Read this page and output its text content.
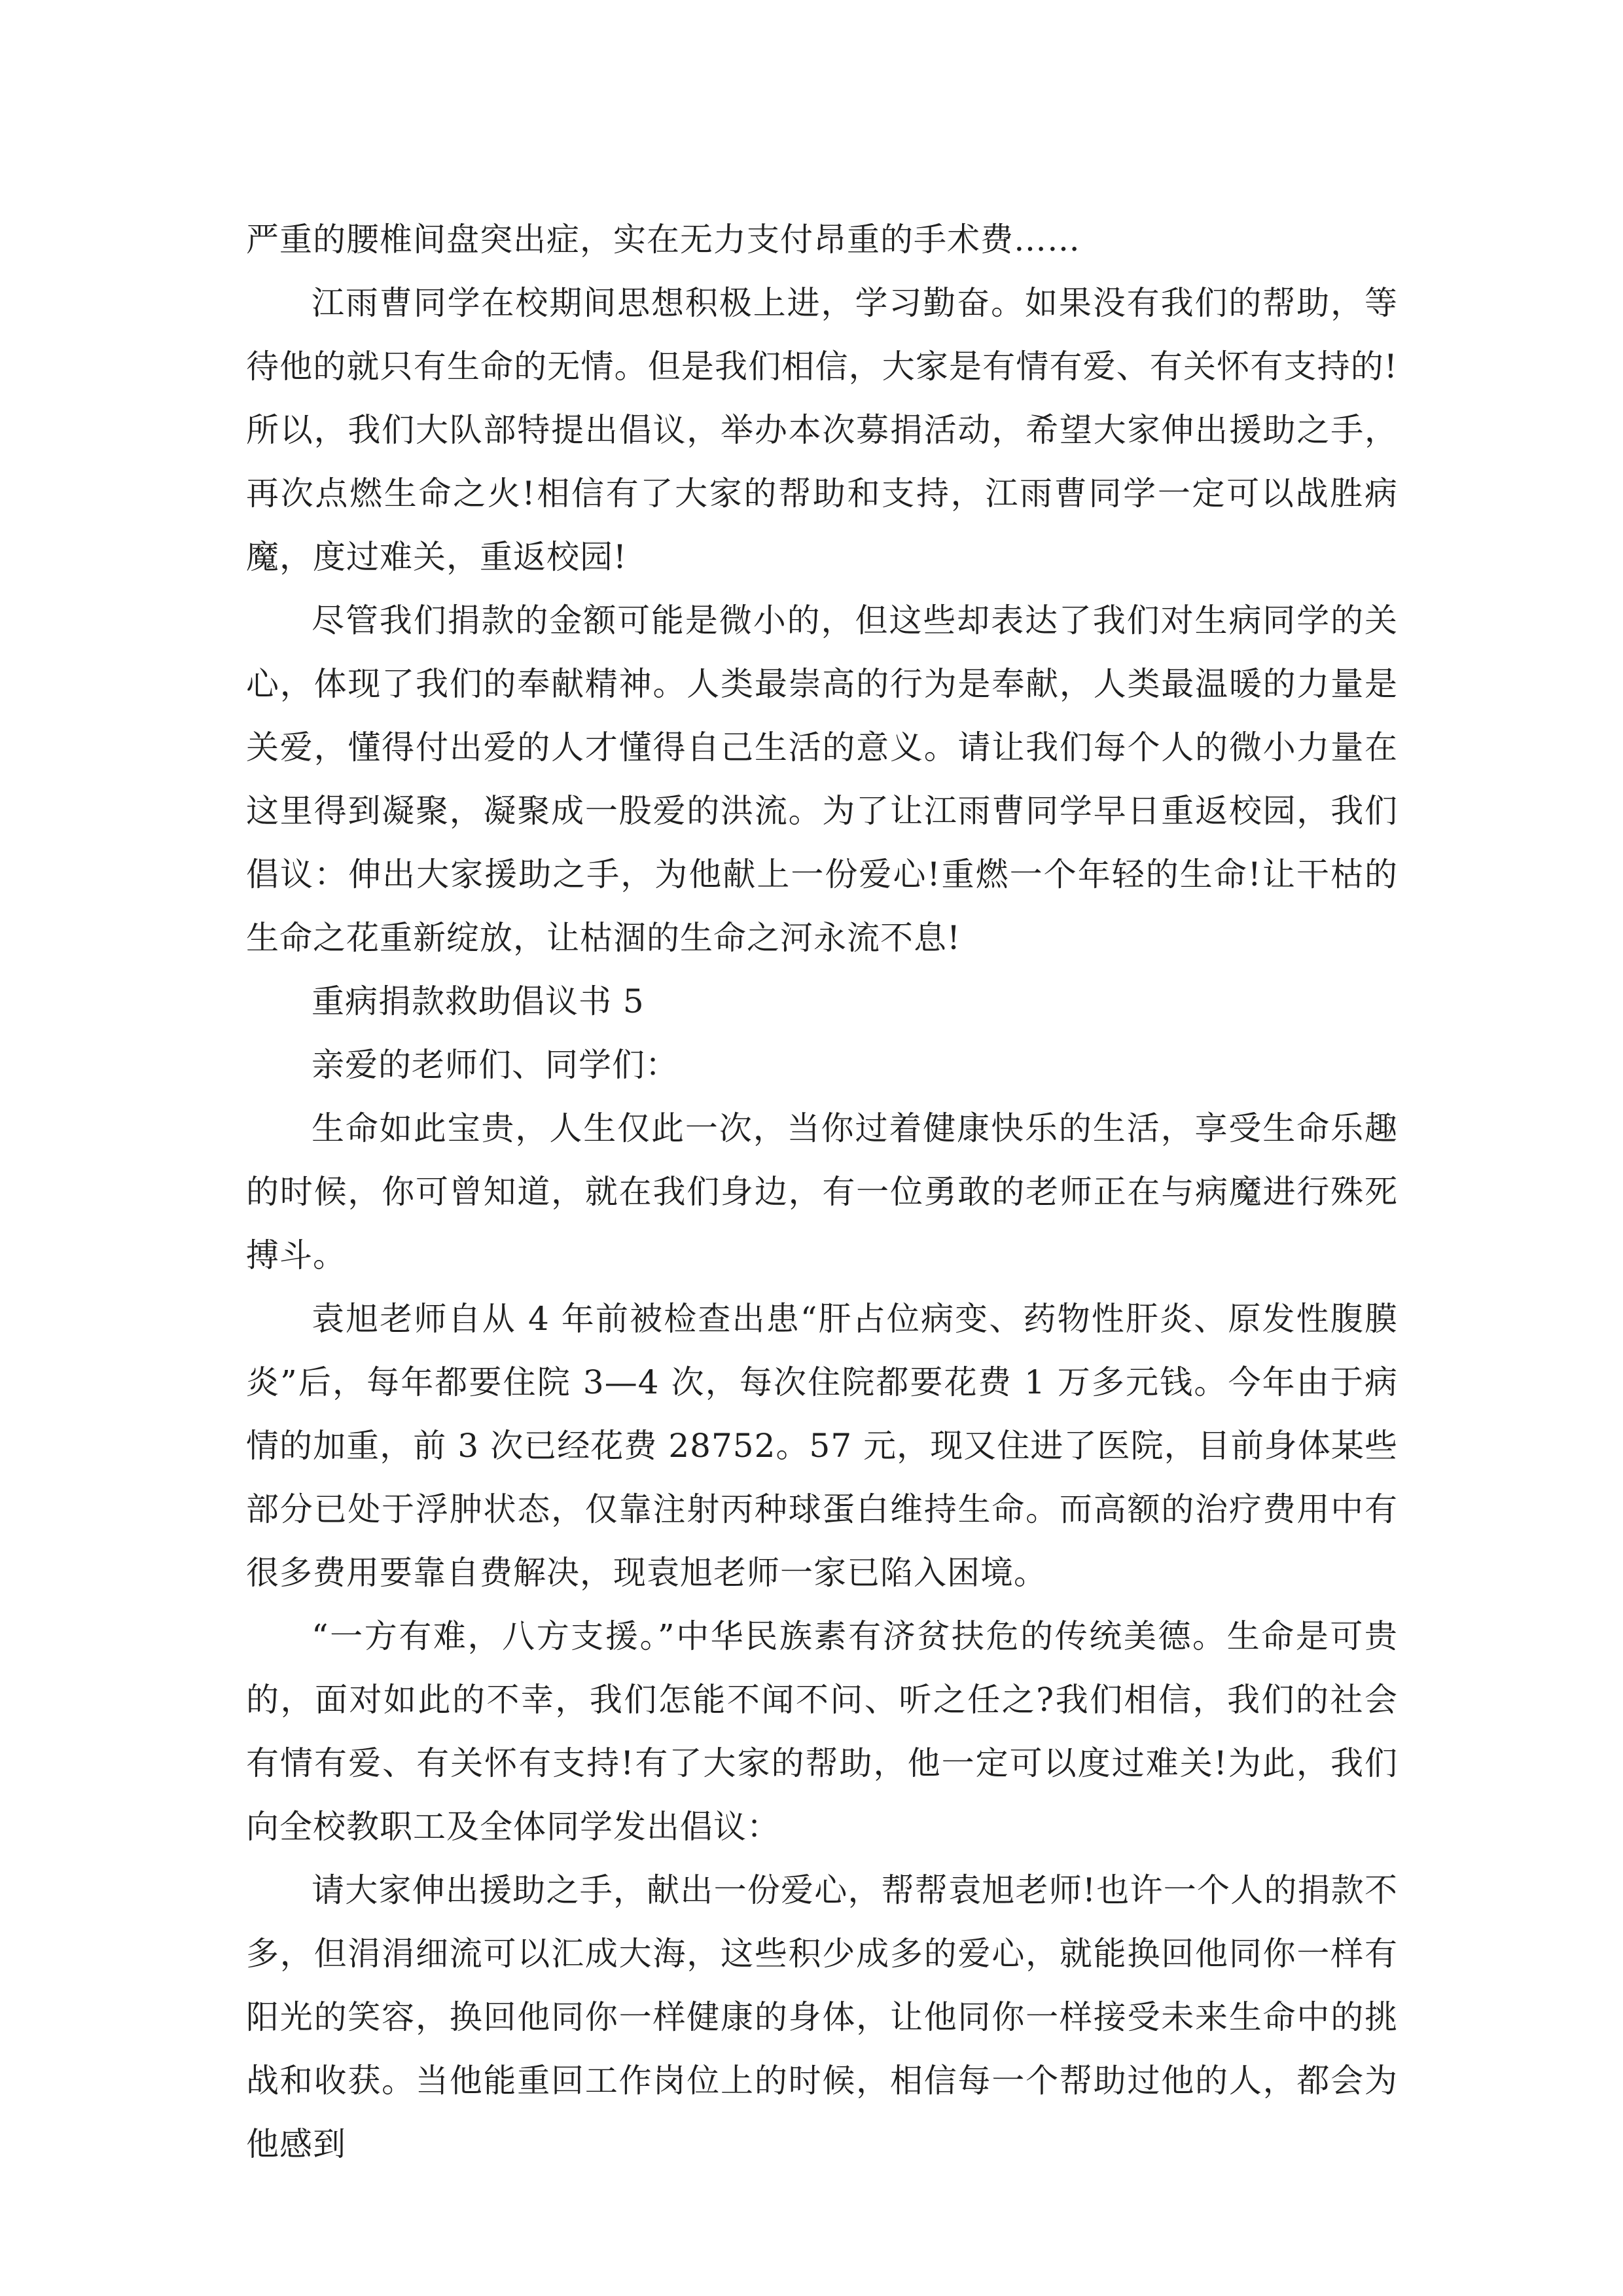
严重的腰椎间盘突出症，实在无力支付昂重的手术费……

江雨曹同学在校期间思想积极上进，学习勤奋。如果没有我们的帮助，等待他的就只有生命的无情。但是我们相信，大家是有情有爱、有关怀有支持的!所以，我们大队部特提出倡议，举办本次募捐活动，希望大家伸出援助之手，再次点燃生命之火!相信有了大家的帮助和支持，江雨曹同学一定可以战胜病魔，度过难关，重返校园!

尽管我们捐款的金额可能是微小的，但这些却表达了我们对生病同学的关心，体现了我们的奉献精神。人类最崇高的行为是奉献，人类最温暖的力量是关爱，懂得付出爱的人才懂得自己生活的意义。请让我们每个人的微小力量在这里得到凝聚，凝聚成一股爱的洪流。为了让江雨曹同学早日重返校园，我们倡议：伸出大家援助之手，为他献上一份爱心!重燃一个年轻的生命!让干枯的生命之花重新绽放，让枯涸的生命之河永流不息!

重病捐款救助倡议书 5

亲爱的老师们、同学们：

生命如此宝贵，人生仅此一次，当你过着健康快乐的生活，享受生命乐趣的时候，你可曾知道，就在我们身边，有一位勇敢的老师正在与病魔进行殊死搏斗。

袁旭老师自从 4 年前被检查出患“肝占位病变、药物性肝炎、原发性腹膜炎”后，每年都要住院 3—4 次，每次住院都要花费 1 万多元钱。今年由于病情的加重，前 3 次已经花费 28752。57 元，现又住进了医院，目前身体某些部分已处于浮肿状态，仅靠注射丙种球蛋白维持生命。而高额的治疗费用中有很多费用要靠自费解决，现袁旭老师一家已陷入困境。

“一方有难，八方支援。”中华民族素有济贫扶危的传统美德。生命是可贵的，面对如此的不幸，我们怎能不闻不问、听之任之?我们相信，我们的社会有情有爱、有关怀有支持!有了大家的帮助，他一定可以度过难关!为此，我们向全校教职工及全体同学发出倡议：

请大家伸出援助之手，献出一份爱心，帮帮袁旭老师!也许一个人的捐款不多，但涓涓细流可以汇成大海，这些积少成多的爱心，就能换回他同你一样有阳光的笑容，换回他同你一样健康的身体，让他同你一样接受未来生命中的挑战和收获。当他能重回工作岗位上的时候，相信每一个帮助过他的人，都会为他感到
